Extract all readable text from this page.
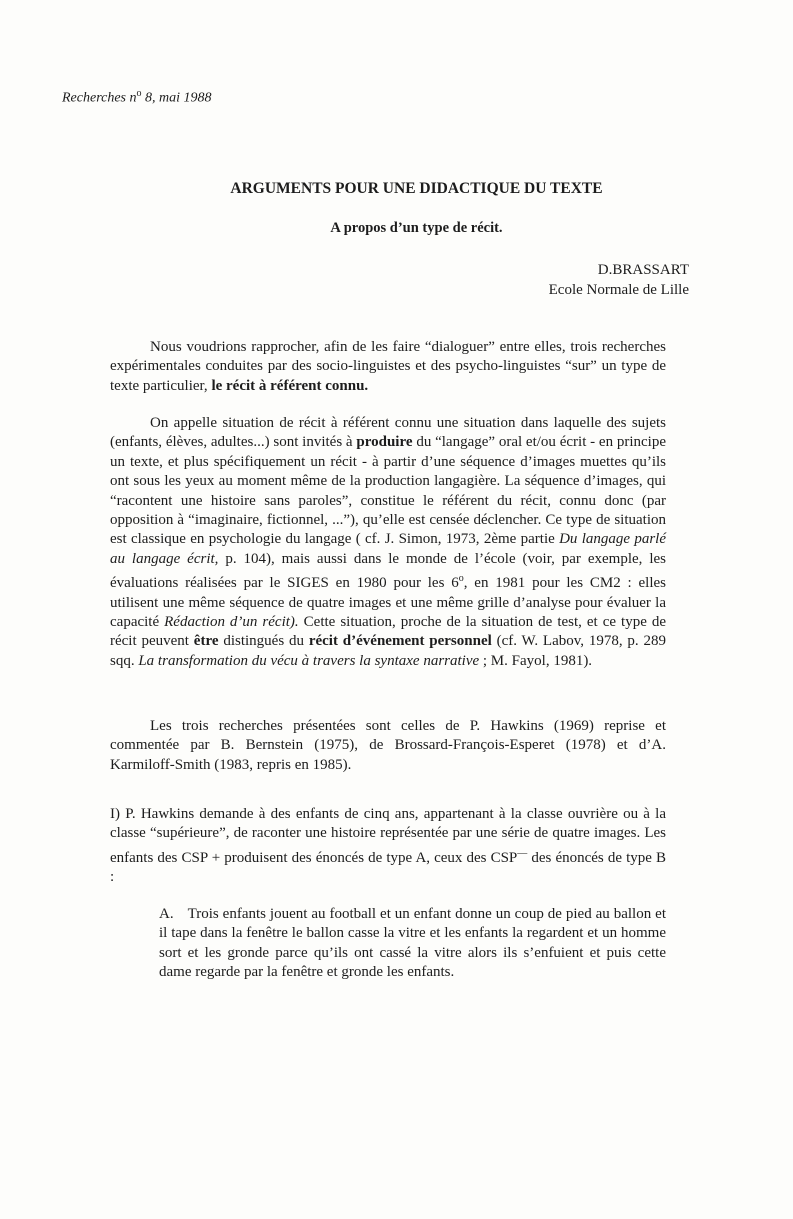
Recherches $n^o$ 8, mai 1988
ARGUMENTS POUR UNE DIDACTIQUE DU TEXTE
A propos d’un type de récit.
D.BRASSART
Ecole Normale de Lille

Nous voudrions rapprocher, afin de les faire “dialoguer” entre elles, trois recherches expérimentales conduites par des socio-linguistes et des psycho-linguistes “sur” un type de texte particulier, le récit à référent connu.

On appelle situation de récit à référent connu une situation dans laquelle des sujets (enfants, élèves, adultes...) sont invités à produire du “langage” oral et/ou écrit - en principe un texte, et plus spécifiquement un récit - à partir d’une séquence d’images muettes qu’ils ont sous les yeux au moment même de la production langagière. La séquence d’images, qui “racontent une histoire sans paroles”, constitue le référent du récit, connu donc (par opposition à “imaginaire, fictionnel, ...”), qu’elle est censée déclencher. Ce type de situation est classique en psychologie du langage ( cf. J. Simon, 1973, 2ème partie Du langage parlé au langage écrit, p. 104), mais aussi dans le monde de l’école (voir, par exemple, les évaluations réalisées par le SIGES en 1980 pour les 6$^o$, en 1981 pour les CM2 : elles utilisent une même séquence de quatre images et une même grille d’analyse pour évaluer la capacité Rédaction d’un récit). Cette situation, proche de la situation de test, et ce type de récit peuvent être distingués du récit d’événement personnel (cf. W. Labov, 1978, p. 289 sqq. La transformation du vécu à travers la syntaxe narrative ; M. Fayol, 1981).

Les trois recherches présentées sont celles de P. Hawkins (1969) reprise et commentée par B. Bernstein (1975), de Brossard-François-Esperet (1978) et d’A. Karmiloff-Smith (1983, repris en 1985).

I) P. Hawkins demande à des enfants de cinq ans, appartenant à la classe ouvrière ou à la classe “supérieure”, de raconter une histoire représentée par une série de quatre images. Les enfants des CSP + produisent des énoncés de type A, ceux des CSP— des énoncés de type B :

A. Trois enfants jouent au football et un enfant donne un coup de pied au ballon et il tape dans la fenêtre le ballon casse la vitre et les enfants la regardent et un homme sort et les gronde parce qu’ils ont cassé la vitre alors ils s’enfuient et puis cette dame regarde par la fenêtre et gronde les enfants.
